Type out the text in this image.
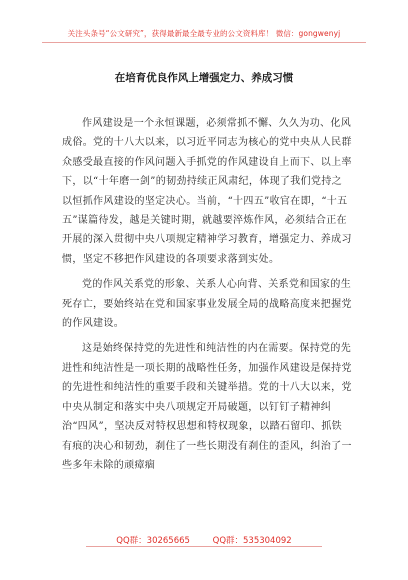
关注头条号“公文研究”，获得最新最全最专业的公文资料库！ 微信：gongwenyj
在培育优良作风上增强定力、养成习惯

作风建设是一个永恒课题，必须常抓不懈、久久为功、化风成俗。党的十八大以来，以习近平同志为核心的党中央从人民群众感受最直接的作风问题入手抓党的作风建设自上而下、以上率下，以“十年磨一剑”的韧劲持续正风肃纪，体现了我们党持之以恒抓作风建设的坚定决心。当前，“十四五”收官在即，“十五五”谋篇待发，越是关键时期，就越要淬炼作风，必须结合正在开展的深入贯彻中央八项规定精神学习教育，增强定力、养成习惯，坚定不移把作风建设的各项要求落到实处。

党的作风关系党的形象、关系人心向背、关系党和国家的生死存亡，要始终站在党和国家事业发展全局的战略高度来把握党的作风建设。

这是始终保持党的先进性和纯洁性的内在需要。保持党的先进性和纯洁性是一项长期的战略性任务，加强作风建设是保持党的先进性和纯洁性的重要手段和关键举措。党的十八大以来，党中央从制定和落实中央八项规定开局破题，以钉钉子精神纠治“四风”，坚决反对特权思想和特权现象，以踏石留印、抓铁有痕的决心和韧劲，刹住了一些长期没有刹住的歪风，纠治了一些多年未除的顽瘴痼

QQ群：30265665	QQ群：535304092
